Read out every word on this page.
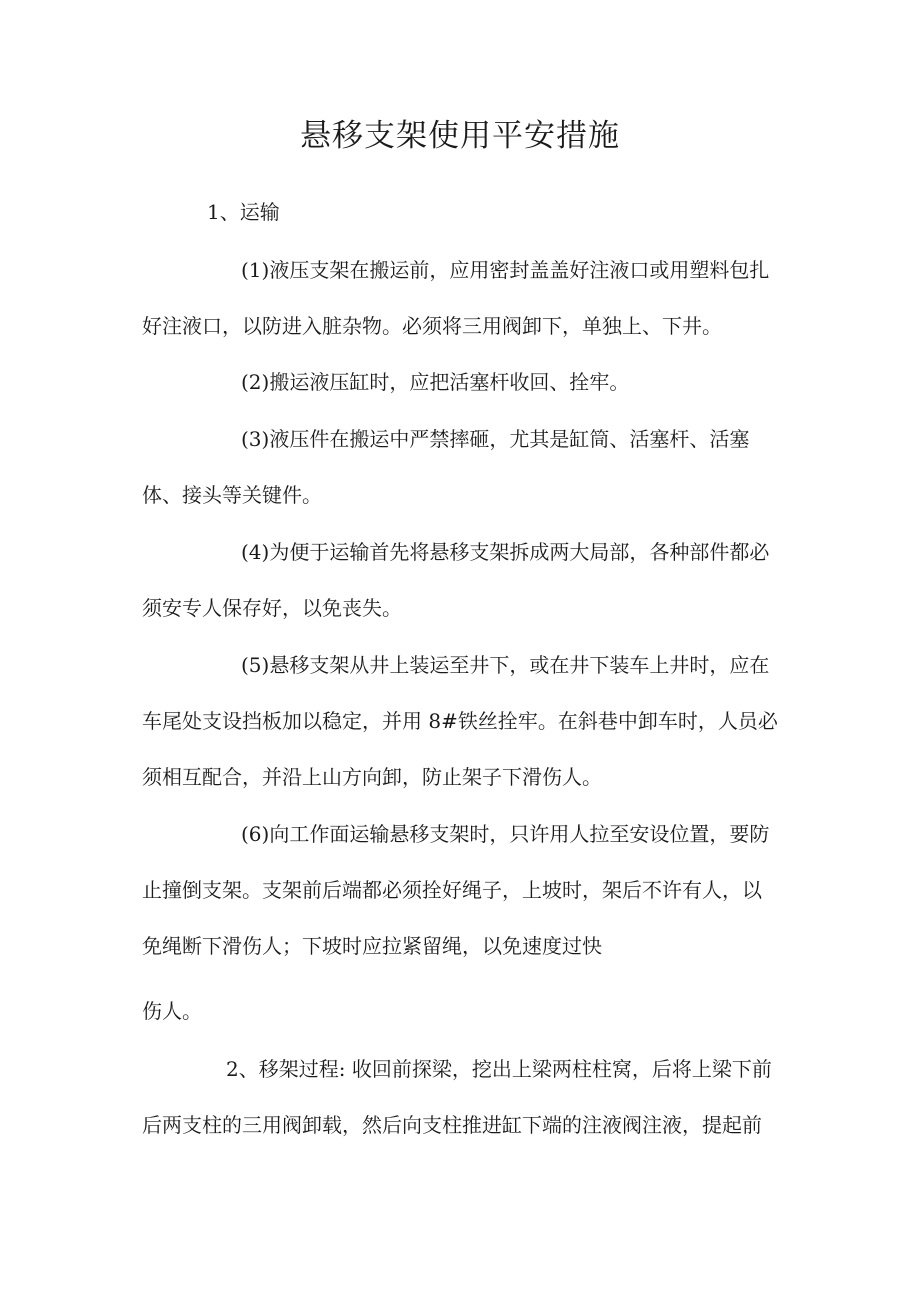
悬移支架使用平安措施

1、运输

(1)液压支架在搬运前，应用密封盖盖好注液口或用塑料包扎

好注液口，以防进入脏杂物。必须将三用阀卸下，单独上、下井。

(2)搬运液压缸时，应把活塞杆收回、拴牢。

(3)液压件在搬运中严禁摔砸，尤其是缸筒、活塞杆、活塞

体、接头等关键件。

(4)为便于运输首先将悬移支架拆成两大局部，各种部件都必

须安专人保存好，以免丧失。

(5)悬移支架从井上装运至井下，或在井下装车上井时，应在

车尾处支设挡板加以稳定，并用 8#铁丝拴牢。在斜巷中卸车时，人员必

须相互配合，并沿上山方向卸，防止架子下滑伤人。

(6)向工作面运输悬移支架时，只许用人拉至安设位置，要防

止撞倒支架。支架前后端都必须拴好绳子，上坡时，架后不许有人，以

免绳断下滑伤人；下坡时应拉紧留绳，以免速度过快

伤人。

2、移架过程: 收回前探梁，挖出上梁两柱柱窝，后将上梁下前

后两支柱的三用阀卸载，然后向支柱推进缸下端的注液阀注液，提起前
